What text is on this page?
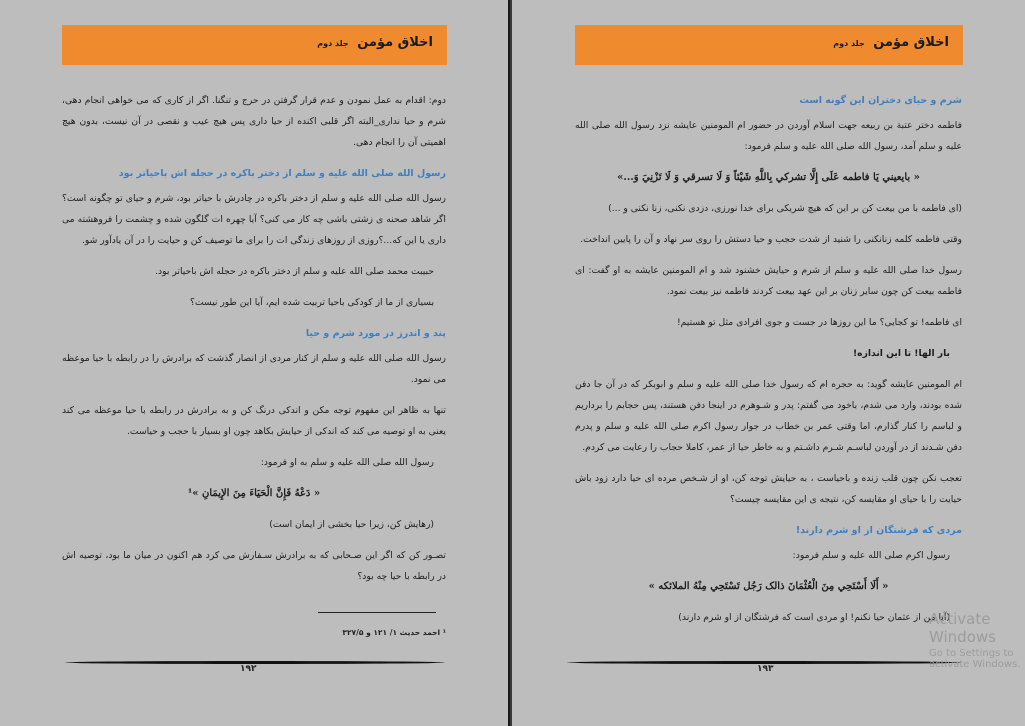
اخلاق مؤمن جلد دوم

دوم: اقدام به عمل نمودن و عدم قرار گرفتن در حرج و تنگنا. اگر از کاری که می خواهی انجام دهی، شرم و حیا نداری_البته اگر قلبی اکنده از حیا داری پس هیچ عیب و نقصی در آن نیست، بدون هیچ اهمیتی آن را انجام دهی.

رسول الله صلی الله علیه و سلم از دختر باکره در حجله اش باحیاتر بود

رسول الله صلی الله علیه و سلم از دختر باکره در چادرش با حیاتر بود، شرم و حیای تو چگونه است؟ اگر شاهد صحنه ی زشتی باشی چه کار می کنی؟ آیا چهره ات گلگون شده و چشمت را فروهشته می داری یا این که...؟روزی از روزهای زندگی ات را برای ما توصیف کن و حیایت را در آن یادآور شو.

حبیبت محمد صلی الله علیه و سلم از دختر باکره در حجله اش باحیاتر بود.

بسیاری از ما از کودکی باحیا تربیت شده ایم، آیا این طور نیست؟

پند و اندرز در مورد شرم و حیا

رسول الله صلی الله علیه و سلم از کنار مردی از انصار گذشت که برادرش را در رابطه با حیا موعظه می نمود.

تنها به ظاهر این مفهوم توجه مکن و اندکی درنگ کن و به برادرش در رابطه با حیا موعظه می کند یعنی به او توصیه می کند که اندکی از حیایش بکاهد چون او بسیار با حجب و حیاست.

رسول الله صلی الله علیه و سلم به او فرمود:

« دَعْهُ فَإِنَّ الْحَيَاءَ مِنَ الإِيمَانِ »¹

(رهایش کن، زیرا حیا بخشی از ایمان است)

تصـور کن که اگر این صـحابی که به برادرش سـفارش می کرد هم اکنون در میان ما بود، توصیه اش در رابطه با حیا چه بود؟

¹ احمد حدیث ۱/ ۱۲۱ و ۳۲۷/۵
۱۹۲
اخلاق مؤمن جلد دوم

شرم و حیای دختران این گونه است

فاطمه دختر عتبة بن ربیعه جهت اسلام آوردن در حضور ام المومنین عایشه نزد رسول الله صلی الله علیه و سلم آمد، رسول الله صلی الله علیه و سلم فرمود:

« بايعيني يَا فاطمه عَلَى إِلَّا تشركي بِاللَّهِ شَيْئاً وَ لَا تسرقي وَ لَا تَزْنِيَ وَ...»

(ای فاطمه با من بیعت کن بر این که هیچ شریکی برای خدا نورزی، دزدی نکنی، زنا نکنی و ...)

وقتی فاطمه کلمه زنانکنی را شنید از شدت حجب و حیا دستش را روی سر نهاد و آن را پایین انداخت.

رسول خدا صلی الله علیه و سلم از شرم و حیایش خشنود شد و ام المومنین عایشه به او گفت: ای فاطمه بیعت کن چون سایر زنان بر این عهد بیعت کردند فاطمه نیز بیعت نمود.

ای فاطمه! تو کجایی؟ ما این روزها در جست و جوی افرادی مثل تو هستیم!

بار الها! تا این اندازه!

ام المومنین عایشه گوید: به حجره ام که رسول خدا صلی الله علیه و سلم و ابوبکر که در آن جا دفن شده بودند، وارد می شدم، باخود می گفتم: پدر و شـوهرم در اینجا دفن هستند، پس حجابم را برداریم و لباسم را کنار گذارم، اما وقتی عمر بن خطاب در جوار رسول اکرم صلی الله علیه و سلم و پدرم دفن شـدند از در آوردن لباسـم شـرم داشـتم و به خاطر حیا از عمر، کاملا حجاب را رعایت می کردم.

تعجب نکن چون قلب زنده و باحیاست ، به حیایش توجه کن، او از شـخص مرده ای حیا دارد زود باش حیایت را با حیای او مقایسه کن، نتیجه ی این مقایسه چیست؟

مردی که فرشتگان از او شرم دارند!

رسول اکرم صلی الله علیه و سلم فرمود:

« أَلَا أَسْتَحِي مِنَ الْعُثْمَانَ ذالک رَجُل تَسْتَحِي مِنْهُ الملائكه »

(آیا من از عثمان حیا نکنم! او مردی است که فرشتگان از او شرم دارند)

۱۹۳
Activate Windows
Go to Settings to activate Windows.
